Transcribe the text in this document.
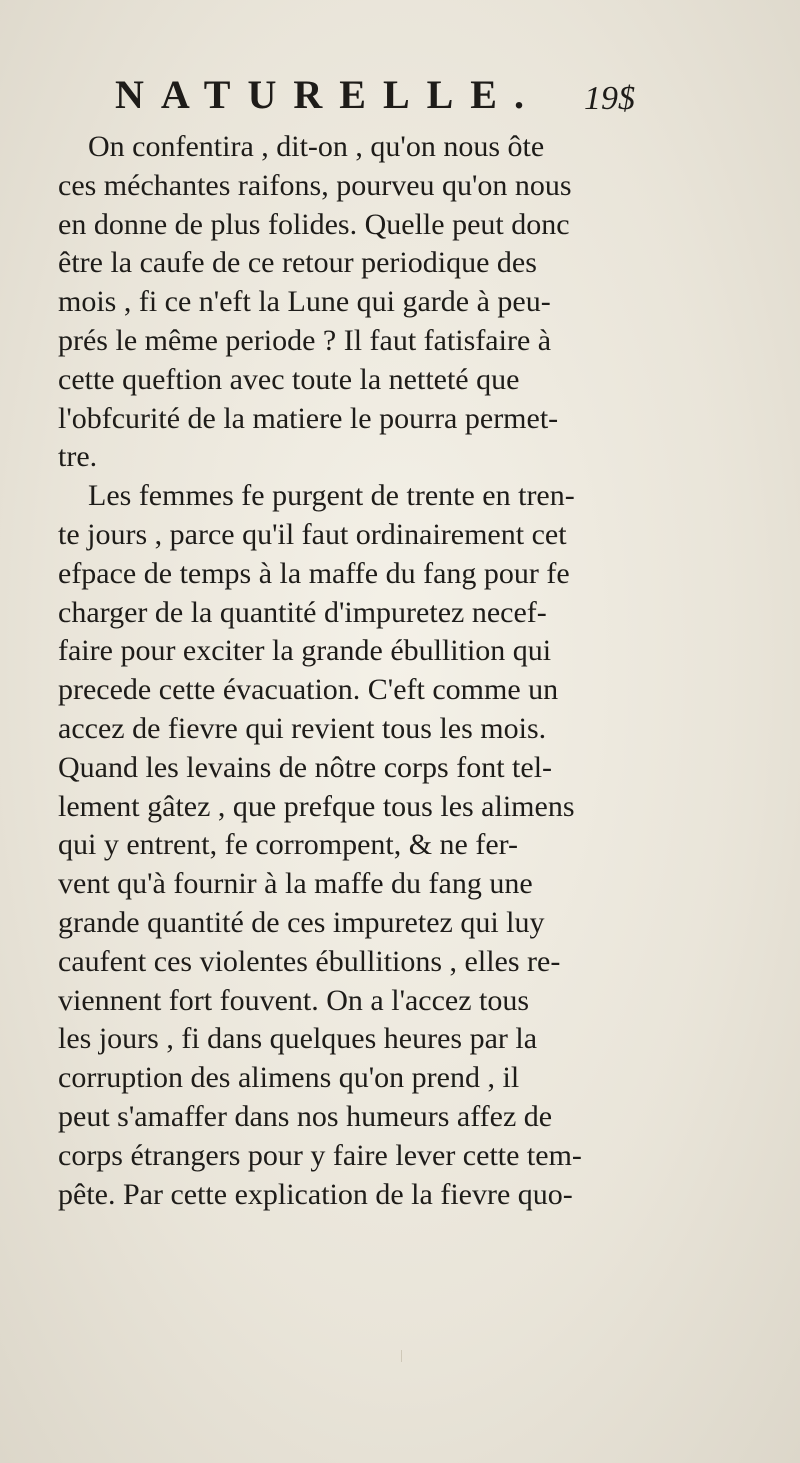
NATURELLE. 19$
On confentira , dit-on , qu'on nous ôte
ces méchantes raifons, pourveu qu'on nous
en donne de plus folides. Quelle peut donc
être la caufe de ce retour periodique des
mois , fi ce n'eft la Lune qui garde à peu-
prés le même periode ? Il faut fatisfaire à
cette queftion avec toute la netteté que
l'obfcurité de la matiere le pourra permet-
tre.
Les femmes fe purgent de trente en tren-
te jours , parce qu'il faut ordinairement cet
efpace de temps à la maffe du fang pour fe
charger de la quantité d'impuretez necef-
faire pour exciter la grande ébullition qui
precede cette évacuation. C'eft comme un
accez de fievre qui revient tous les mois.
Quand les levains de nôtre corps font tel-
lement gâtez , que prefque tous les alimens
qui y entrent, fe corrompent, & ne fer-
vent qu'à fournir à la maffe du fang une
grande quantité de ces impuretez qui luy
caufent ces violentes ébullitions , elles re-
viennent fort fouvent. On a l'accez tous
les jours , fi dans quelques heures par la
corruption des alimens qu'on prend , il
peut s'amaffer dans nos humeurs affez de
corps étrangers pour y faire lever cette tem-
pête. Par cette explication de la fievre quo-
